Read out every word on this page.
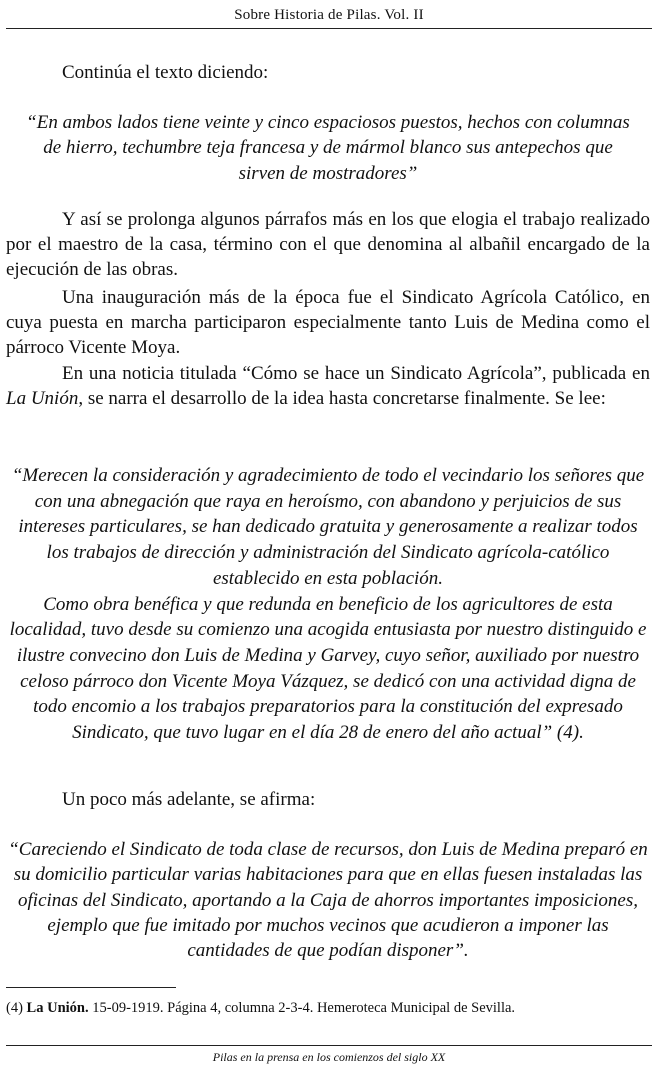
Sobre Historia de Pilas. Vol. II
Continúa el texto diciendo:
“En ambos lados tiene veinte y cinco espaciosos puestos, hechos con columnas de hierro, techumbre teja francesa y de mármol blanco sus antepechos que sirven de mostradores”
Y así se prolonga algunos párrafos más en los que elogia el trabajo realizado por el maestro de la casa, término con el que denomina al albañil encargado de la ejecución de las obras.
Una inauguración más de la época fue el Sindicato Agrícola Católico, en cuya puesta en marcha participaron especialmente tanto Luis de Medina como el párroco Vicente Moya.
En una noticia titulada “Cómo se hace un Sindicato Agrícola”, publicada en La Unión, se narra el desarrollo de la idea hasta concretarse finalmente. Se lee:

“Merecen la consideración y agradecimiento de todo el vecindario los señores que con una abnegación que raya en heroísmo, con abandono y perjuicios de sus intereses particulares, se han dedicado gratuita y generosamente a realizar todos los trabajos de dirección y administración del Sindicato agrícola-católico establecido en esta población.

Como obra benéfica y que redunda en beneficio de los agricultores de esta localidad, tuvo desde su comienzo una acogida entusiasta por nuestro distinguido e ilustre convecino don Luis de Medina y Garvey, cuyo señor, auxiliado por nuestro celoso párroco don Vicente Moya Vázquez, se dedicó con una actividad digna de todo encomio a los trabajos preparatorios para la constitución del expresado Sindicato, que tuvo lugar en el día 28 de enero del año actual” (4).

Un poco más adelante, se afirma:
“Careciendo el Sindicato de toda clase de recursos, don Luis de Medina preparó en su domicilio particular varias habitaciones para que en ellas fuesen instaladas las oficinas del Sindicato, aportando a la Caja de ahorros importantes imposiciones, ejemplo que fue imitado por muchos vecinos que acudieron a imponer las cantidades de que podían disponer”.
(4) La Unión. 15-09-1919. Página 4, columna 2-3-4. Hemeroteca Municipal de Sevilla.
Pilas en la prensa en los comienzos del siglo XX
